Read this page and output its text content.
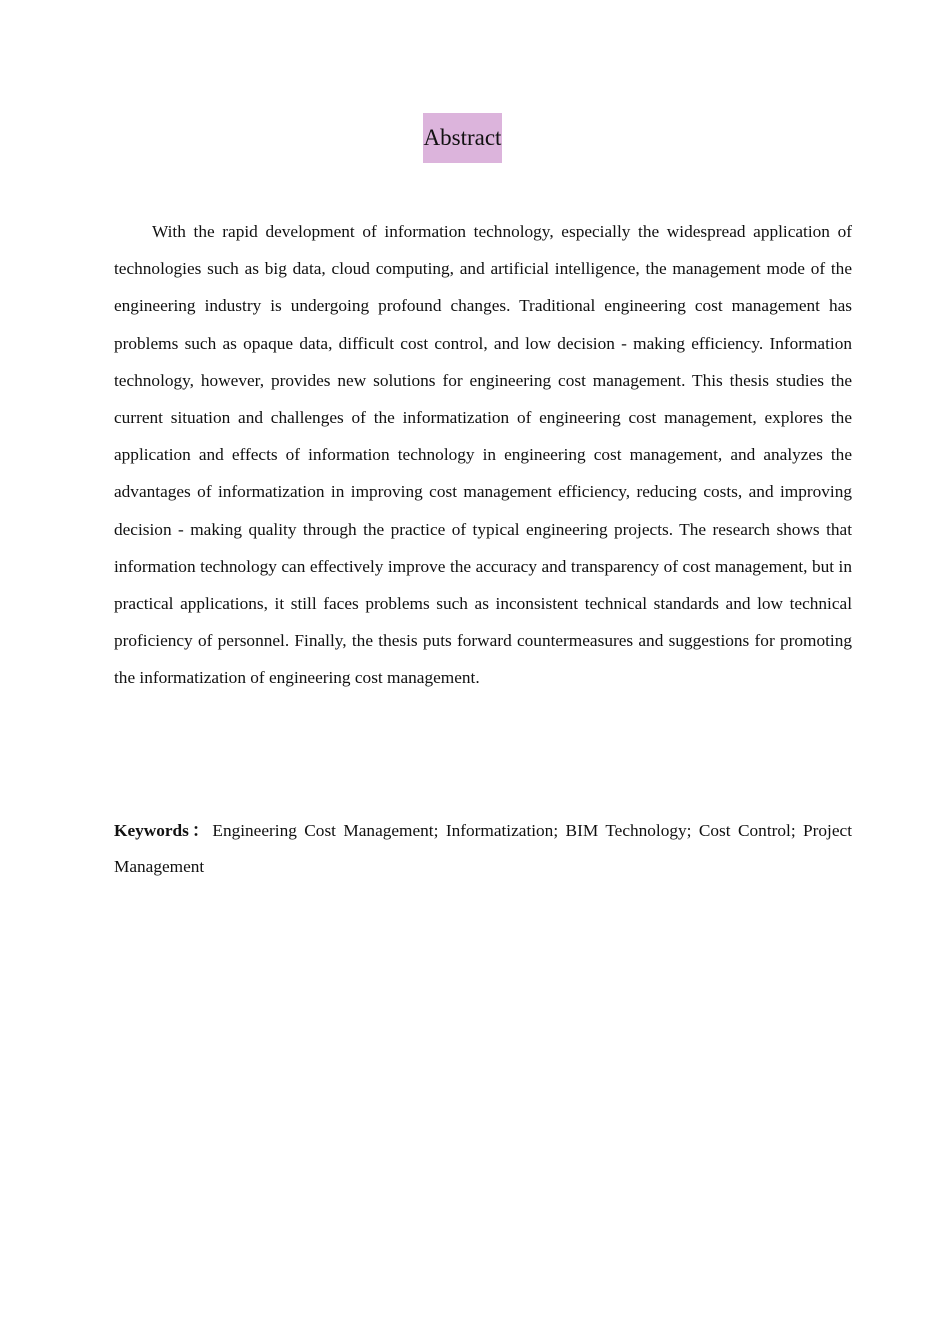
Abstract

With the rapid development of information technology, especially the widespread application of technologies such as big data, cloud computing, and artificial intelligence, the management mode of the engineering industry is undergoing profound changes. Traditional engineering cost management has problems such as opaque data, difficult cost control, and low decision - making efficiency. Information technology, however, provides new solutions for engineering cost management. This thesis studies the current situation and challenges of the informatization of engineering cost management, explores the application and effects of information technology in engineering cost management, and analyzes the advantages of informatization in improving cost management efficiency, reducing costs, and improving decision - making quality through the practice of typical engineering projects. The research shows that information technology can effectively improve the accuracy and transparency of cost management, but in practical applications, it still faces problems such as inconsistent technical standards and low technical proficiency of personnel. Finally, the thesis puts forward countermeasures and suggestions for promoting the informatization of engineering cost management.

Keywords：Engineering Cost Management; Informatization; BIM Technology; Cost Control; Project Management
